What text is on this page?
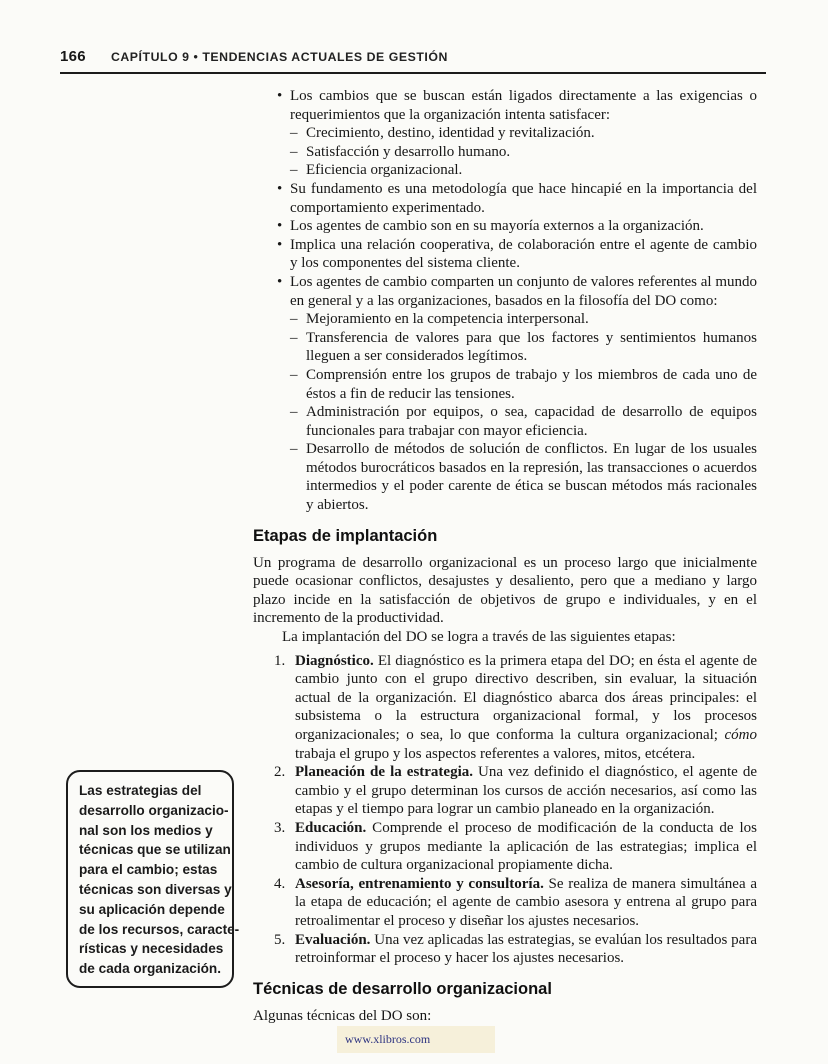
166 CAPÍTULO 9 • TENDENCIAS ACTUALES DE GESTIÓN
• Los cambios que se buscan están ligados directamente a las exigencias o requerimientos que la organización intenta satisfacer:
– Crecimiento, destino, identidad y revitalización.
– Satisfacción y desarrollo humano.
– Eficiencia organizacional.
• Su fundamento es una metodología que hace hincapié en la importancia del comportamiento experimentado.
• Los agentes de cambio son en su mayoría externos a la organización.
• Implica una relación cooperativa, de colaboración entre el agente de cambio y los componentes del sistema cliente.
• Los agentes de cambio comparten un conjunto de valores referentes al mundo en general y a las organizaciones, basados en la filosofía del DO como:
– Mejoramiento en la competencia interpersonal.
– Transferencia de valores para que los factores y sentimientos humanos lleguen a ser considerados legítimos.
– Comprensión entre los grupos de trabajo y los miembros de cada uno de éstos a fin de reducir las tensiones.
– Administración por equipos, o sea, capacidad de desarrollo de equipos funcionales para trabajar con mayor eficiencia.
– Desarrollo de métodos de solución de conflictos. En lugar de los usuales métodos burocráticos basados en la represión, las transacciones o acuerdos intermedios y el poder carente de ética se buscan métodos más racionales y abiertos.
Etapas de implantación

Un programa de desarrollo organizacional es un proceso largo que inicialmente puede ocasionar conflictos, desajustes y desaliento, pero que a mediano y largo plazo incide en la satisfacción de objetivos de grupo e individuales, y en el incremento de la productividad.

La implantación del DO se logra a través de las siguientes etapas:

1. Diagnóstico. El diagnóstico es la primera etapa del DO; en ésta el agente de cambio junto con el grupo directivo describen, sin evaluar, la situación actual de la organización. El diagnóstico abarca dos áreas principales: el subsistema o la estructura organizacional formal, y los procesos organizacionales; o sea, lo que conforma la cultura organizacional; cómo trabaja el grupo y los aspectos referentes a valores, mitos, etcétera.
2. Planeación de la estrategia. Una vez definido el diagnóstico, el agente de cambio y el grupo determinan los cursos de acción necesarios, así como las etapas y el tiempo para lograr un cambio planeado en la organización.
3. Educación. Comprende el proceso de modificación de la conducta de los individuos y grupos mediante la aplicación de las estrategias; implica el cambio de cultura organizacional propiamente dicha.
4. Asesoría, entrenamiento y consultoría. Se realiza de manera simultánea a la etapa de educación; el agente de cambio asesora y entrena al grupo para retroalimentar el proceso y diseñar los ajustes necesarios.
5. Evaluación. Una vez aplicadas las estrategias, se evalúan los resultados para retroinformar el proceso y hacer los ajustes necesarios.
Técnicas de desarrollo organizacional

Algunas técnicas del DO son:

Las estrategias del
desarrollo organizacio-
nal son los medios y
técnicas que se utilizan
para el cambio; estas
técnicas son diversas y
su aplicación depende
de los recursos, caracte-
rísticas y necesidades
de cada organización.
www.xlibros.com
